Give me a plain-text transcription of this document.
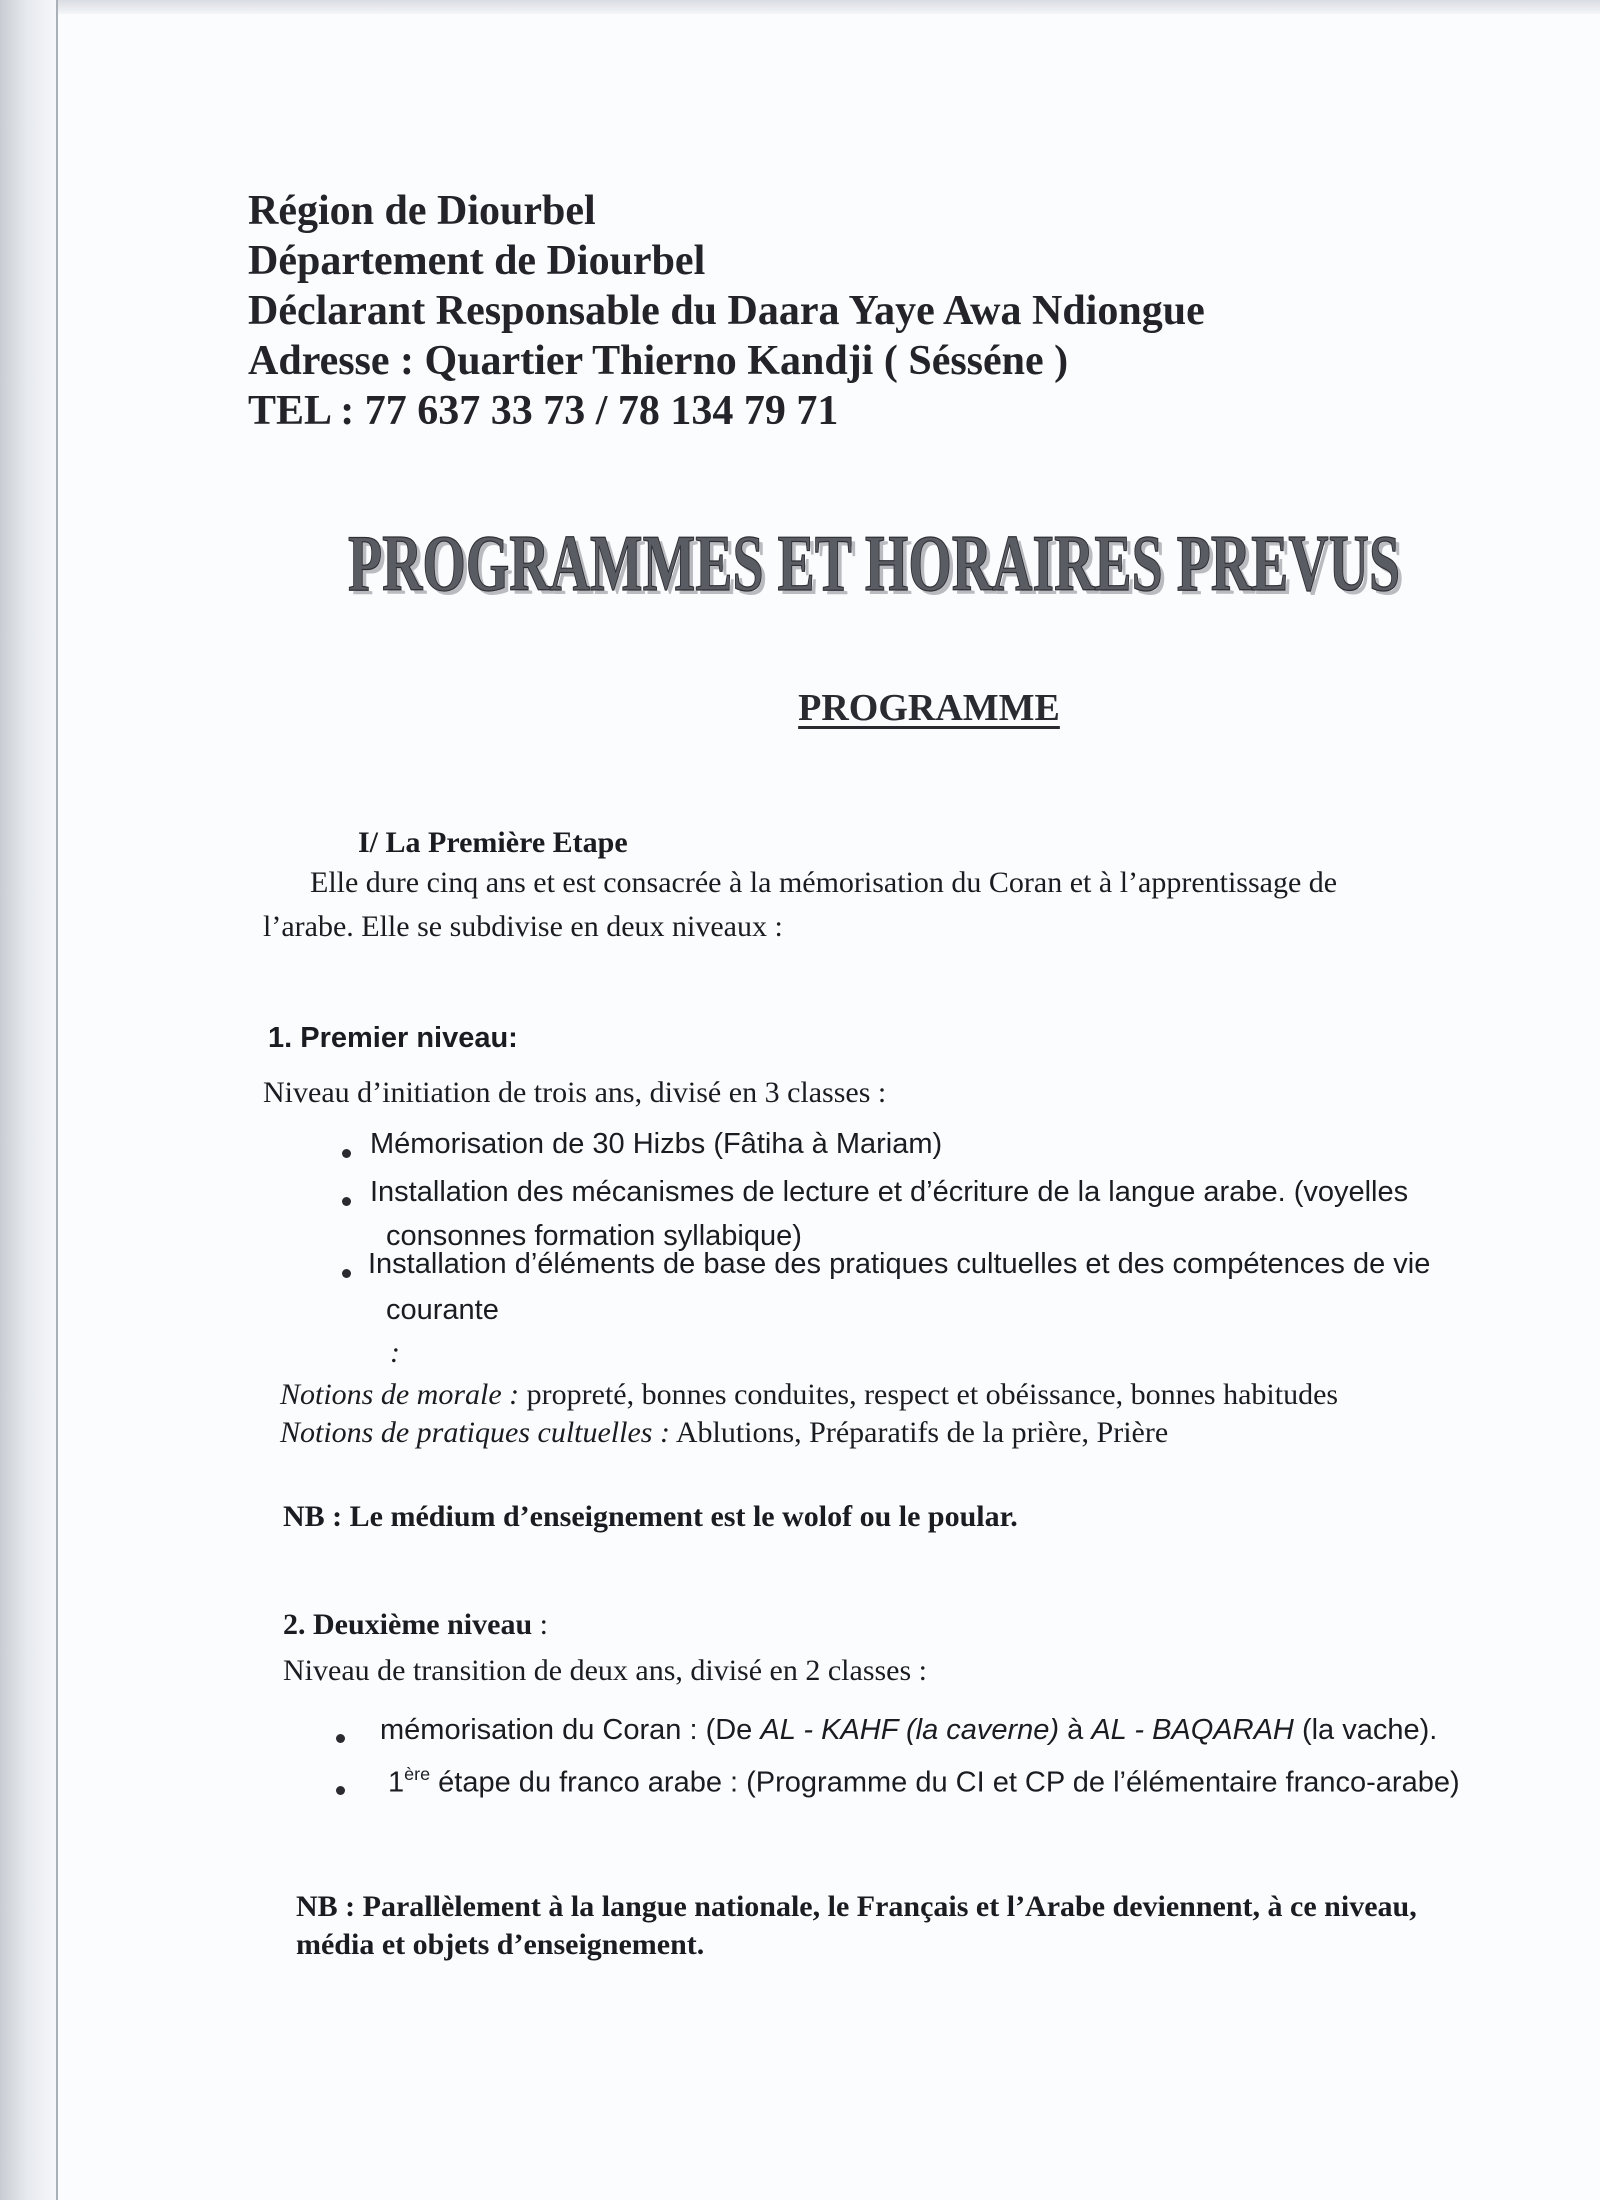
Région de Diourbel
Département de Diourbel
Déclarant Responsable du Daara Yaye Awa Ndiongue
Adresse : Quartier Thierno Kandji ( Sésséne )
TEL : 77 637 33 73 / 78 134 79 71
PROGRAMMES ET HORAIRES PREVUS
PROGRAMMES ET HORAIRES PREVUS
PROGRAMME
I/ La Première Etape
Elle dure cinq ans et est consacrée à la mémorisation du Coran et à l’apprentissage de
l’arabe. Elle se subdivise en deux niveaux :
1. Premier niveau:
Niveau d’initiation de trois ans, divisé en 3 classes :
Mémorisation de 30 Hizbs (Fâtiha à Mariam)
Installation des mécanismes de lecture et d’écriture de la langue arabe. (voyelles
consonnes formation syllabique)
Installation d’éléments de base des pratiques cultuelles et des compétences de vie
courante
:
Notions de morale : propreté, bonnes conduites, respect et obéissance, bonnes habitudes
Notions de pratiques cultuelles : Ablutions, Préparatifs de la prière, Prière
NB : Le médium d’enseignement est le wolof ou le poular.
2. Deuxième niveau :
Niveau de transition de deux ans, divisé en 2 classes :
mémorisation du Coran : (De AL - KAHF (la caverne) à AL - BAQARAH (la vache).
1ère étape du franco arabe : (Programme du CI et CP de l’élémentaire franco-arabe)
NB : Parallèlement à la langue nationale, le Français et l’Arabe deviennent, à ce niveau,
média et objets d’enseignement.
